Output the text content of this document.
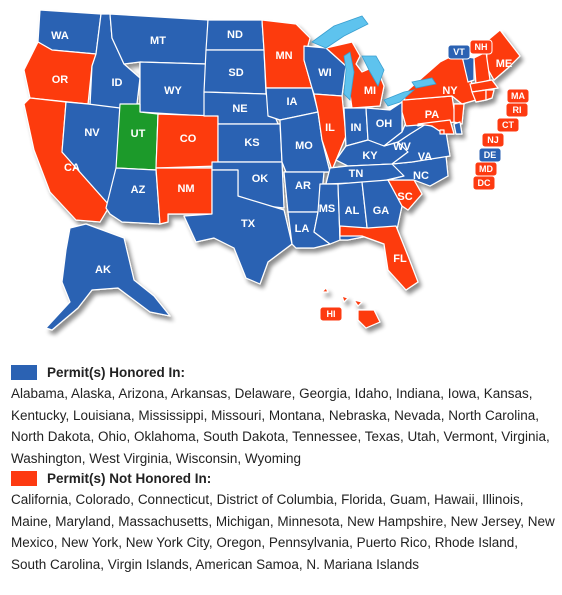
WA
OR
CA
ID
NV
MT
WY
UT
AZ
CO
NM
ND
SD
NE
KS
OK
TX
MN
IA
MO
AR
LA
WI
IL
MI
IN OH
KY
TN
MS AL GA
FL
SC
NC
VA
WV
PA
NY
ME
AK
VT NH
MA
RI
CT
NJ
DE
MD
DC
HI
Permit(s) Honored In:
Alabama, Alaska, Arizona, Arkansas, Delaware, Georgia, Idaho, Indiana, Iowa, Kansas, Kentucky, Louisiana, Mississippi, Missouri, Montana, Nebraska, Nevada, North Carolina, North Dakota, Ohio, Oklahoma, South Dakota, Tennessee, Texas, Utah, Vermont, Virginia, Washington, West Virginia, Wisconsin, Wyoming
Permit(s) Not Honored In:
California, Colorado, Connecticut, District of Columbia, Florida, Guam, Hawaii, Illinois, Maine, Maryland, Massachusetts, Michigan, Minnesota, New Hampshire, New Jersey, New Mexico, New York, New York City, Oregon, Pennsylvania, Puerto Rico, Rhode Island, South Carolina, Virgin Islands, American Samoa, N. Mariana Islands
